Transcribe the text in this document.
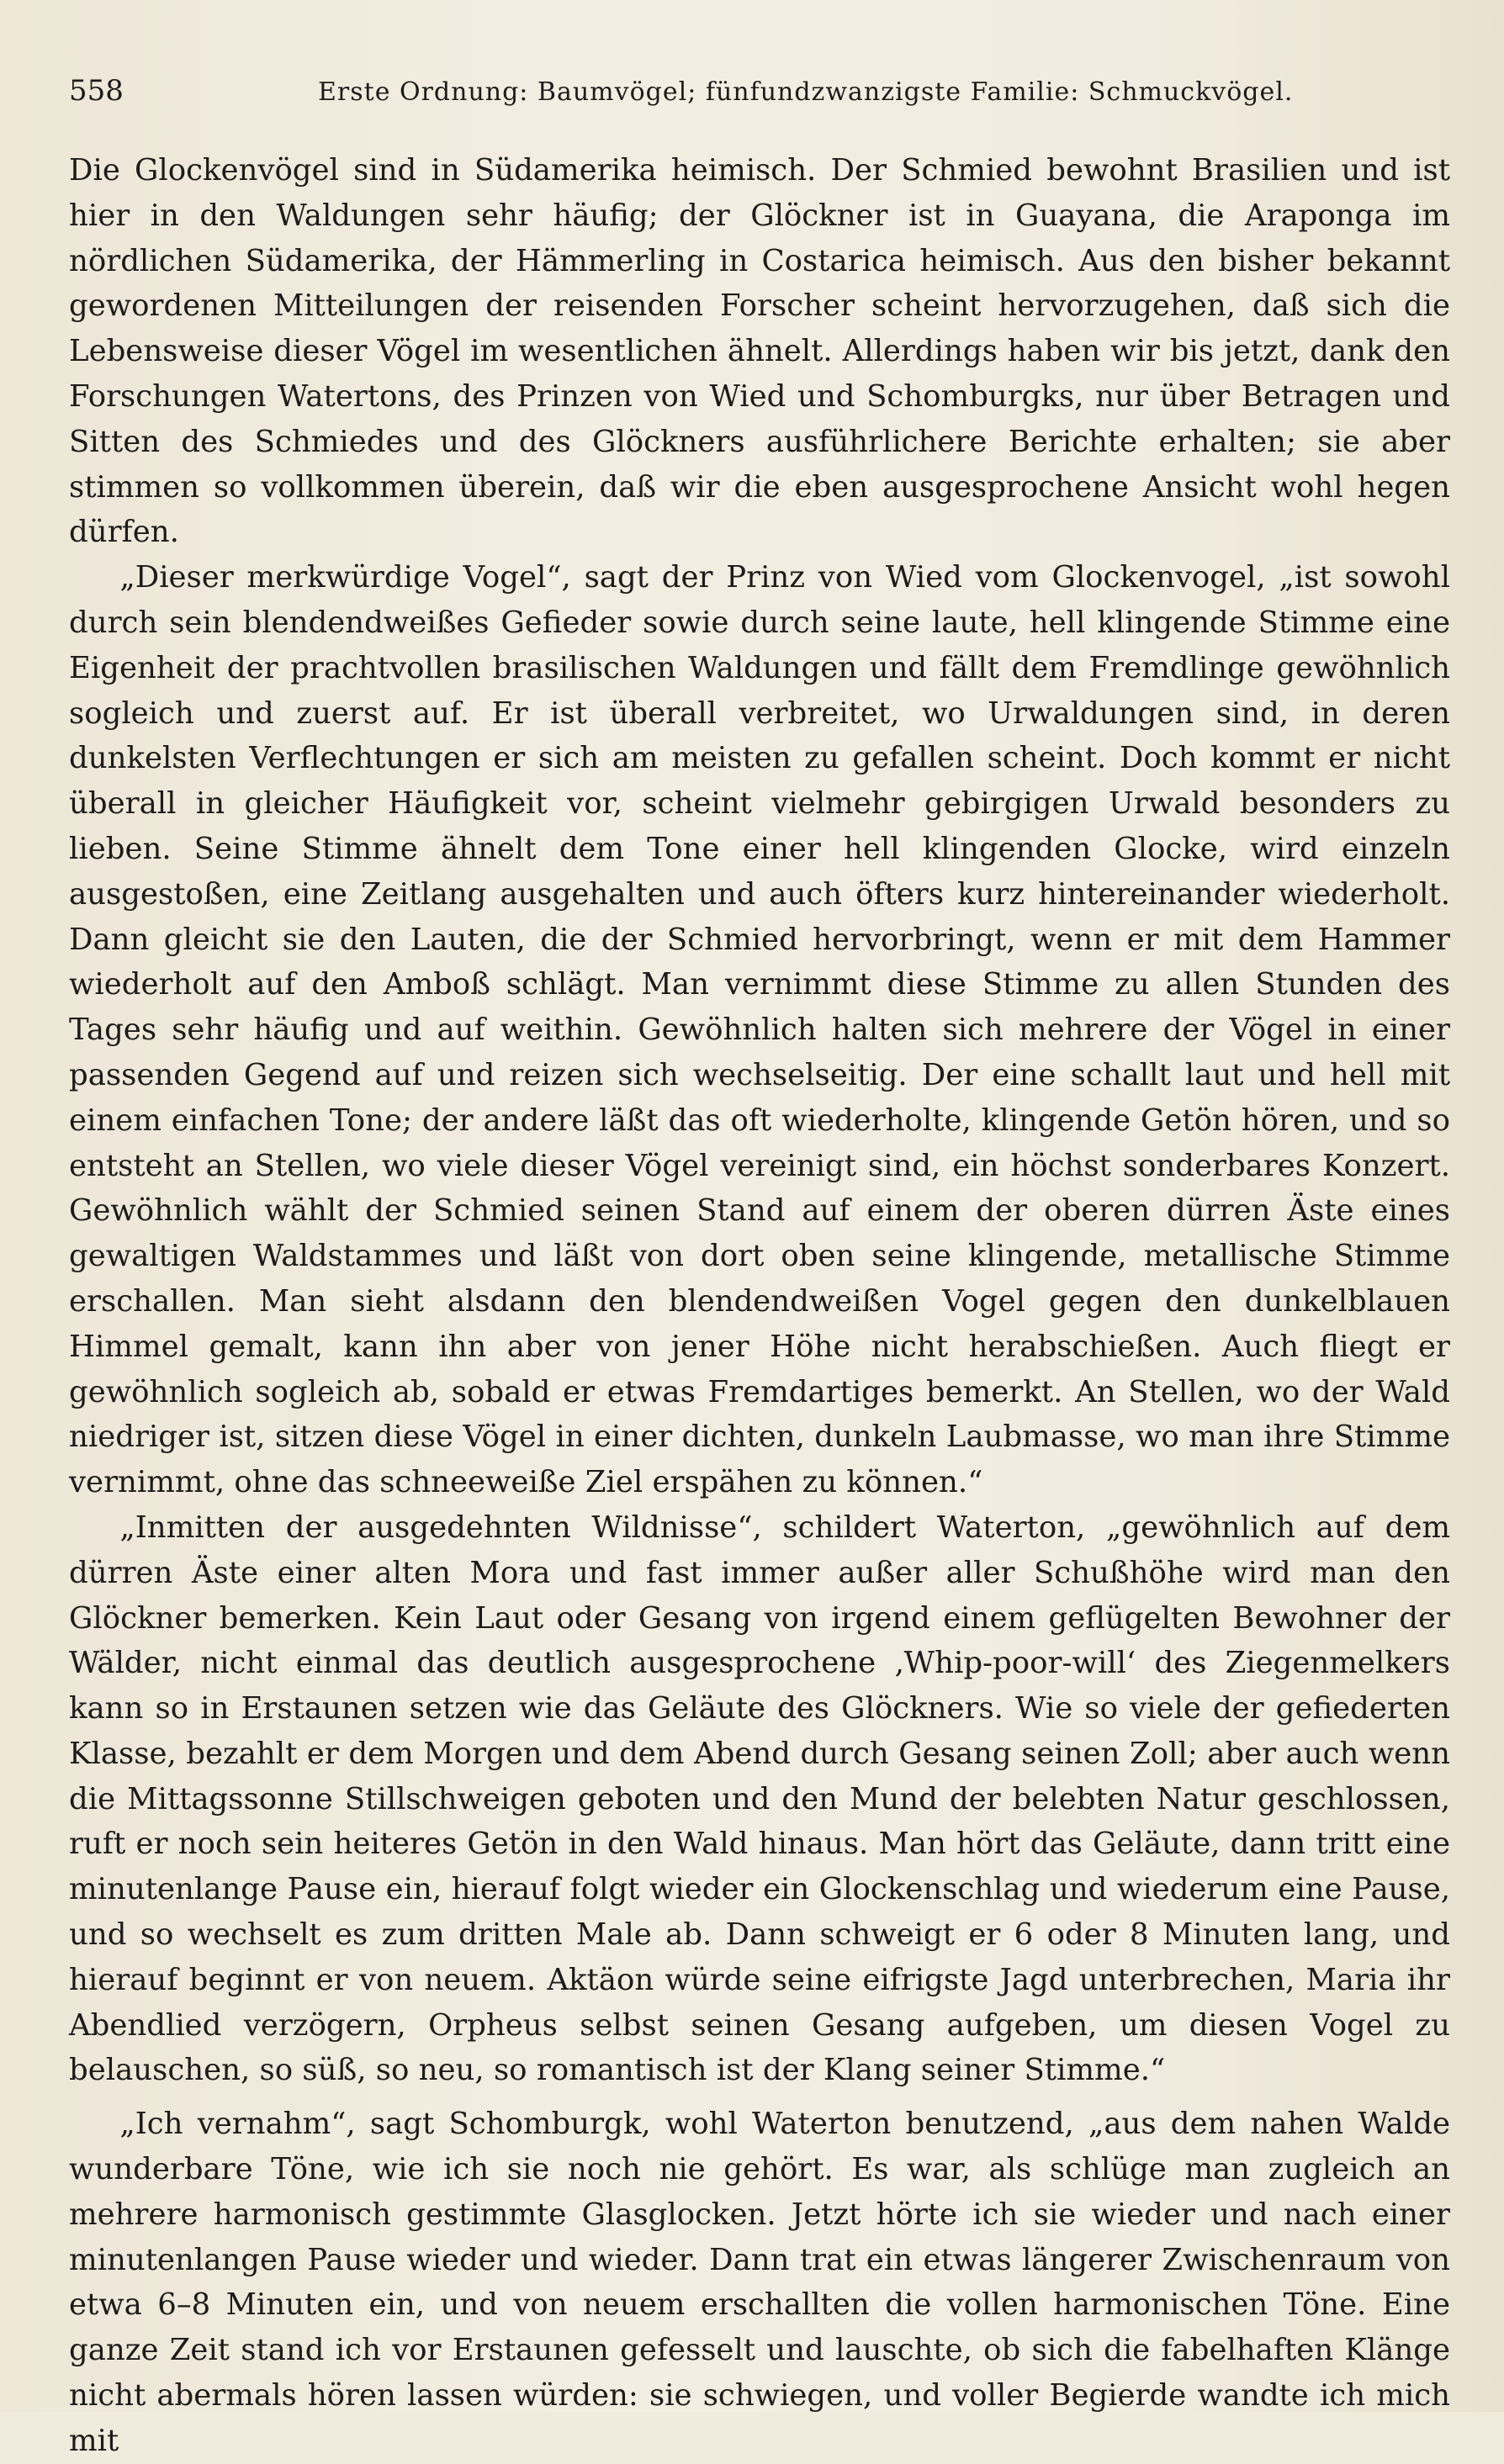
558	Erste Ordnung: Baumvögel; fünfundzwanzigste Familie: Schmuckvögel.

Die Glockenvögel sind in Südamerika heimisch. Der Schmied bewohnt Brasilien und ist hier in den Waldungen sehr häufig; der Glöckner ist in Guayana, die Araponga im nördlichen Südamerika, der Hämmerling in Costarica heimisch. Aus den bisher bekannt gewordenen Mitteilungen der reisenden Forscher scheint hervorzugehen, daß sich die Lebensweise dieser Vögel im wesentlichen ähnelt. Allerdings haben wir bis jetzt, dank den Forschungen Watertons, des Prinzen von Wied und Schomburgks, nur über Betragen und Sitten des Schmiedes und des Glöckners ausführlichere Berichte erhalten; sie aber stimmen so vollkommen überein, daß wir die eben ausgesprochene Ansicht wohl hegen dürfen.

„Dieser merkwürdige Vogel“, sagt der Prinz von Wied vom Glockenvogel, „ist sowohl durch sein blendendweißes Gefieder sowie durch seine laute, hell klingende Stimme eine Eigenheit der prachtvollen brasilischen Waldungen und fällt dem Fremdlinge gewöhnlich sogleich und zuerst auf. Er ist überall verbreitet, wo Urwaldungen sind, in deren dunkelsten Verflechtungen er sich am meisten zu gefallen scheint. Doch kommt er nicht überall in gleicher Häufigkeit vor, scheint vielmehr gebirgigen Urwald besonders zu lieben. Seine Stimme ähnelt dem Tone einer hell klingenden Glocke, wird einzeln ausgestoßen, eine Zeitlang ausgehalten und auch öfters kurz hintereinander wiederholt. Dann gleicht sie den Lauten, die der Schmied hervorbringt, wenn er mit dem Hammer wiederholt auf den Amboß schlägt. Man vernimmt diese Stimme zu allen Stunden des Tages sehr häufig und auf weithin. Gewöhnlich halten sich mehrere der Vögel in einer passenden Gegend auf und reizen sich wechselseitig. Der eine schallt laut und hell mit einem einfachen Tone; der andere läßt das oft wiederholte, klingende Getön hören, und so entsteht an Stellen, wo viele dieser Vögel vereinigt sind, ein höchst sonderbares Konzert. Gewöhnlich wählt der Schmied seinen Stand auf einem der oberen dürren Äste eines gewaltigen Waldstammes und läßt von dort oben seine klingende, metallische Stimme erschallen. Man sieht alsdann den blendendweißen Vogel gegen den dunkelblauen Himmel gemalt, kann ihn aber von jener Höhe nicht herabschießen. Auch fliegt er gewöhnlich sogleich ab, sobald er etwas Fremdartiges bemerkt. An Stellen, wo der Wald niedriger ist, sitzen diese Vögel in einer dichten, dunkeln Laubmasse, wo man ihre Stimme vernimmt, ohne das schneeweiße Ziel erspähen zu können.“

„Inmitten der ausgedehnten Wildnisse“, schildert Waterton, „gewöhnlich auf dem dürren Äste einer alten Mora und fast immer außer aller Schußhöhe wird man den Glöckner bemerken. Kein Laut oder Gesang von irgend einem geflügelten Bewohner der Wälder, nicht einmal das deutlich ausgesprochene ‚Whip-poor-will‘ des Ziegenmelkers kann so in Erstaunen setzen wie das Geläute des Glöckners. Wie so viele der gefiederten Klasse, bezahlt er dem Morgen und dem Abend durch Gesang seinen Zoll; aber auch wenn die Mittagssonne Stillschweigen geboten und den Mund der belebten Natur geschlossen, ruft er noch sein heiteres Getön in den Wald hinaus. Man hört das Geläute, dann tritt eine minutenlange Pause ein, hierauf folgt wieder ein Glockenschlag und wiederum eine Pause, und so wechselt es zum dritten Male ab. Dann schweigt er 6 oder 8 Minuten lang, und hierauf beginnt er von neuem. Aktäon würde seine eifrigste Jagd unterbrechen, Maria ihr Abendlied verzögern, Orpheus selbst seinen Gesang aufgeben, um diesen Vogel zu belauschen, so süß, so neu, so romantisch ist der Klang seiner Stimme.“

„Ich vernahm“, sagt Schomburgk, wohl Waterton benutzend, „aus dem nahen Walde wunderbare Töne, wie ich sie noch nie gehört. Es war, als schlüge man zugleich an mehrere harmonisch gestimmte Glasglocken. Jetzt hörte ich sie wieder und nach einer minutenlangen Pause wieder und wieder. Dann trat ein etwas längerer Zwischenraum von etwa 6–8 Minuten ein, und von neuem erschallten die vollen harmonischen Töne. Eine ganze Zeit stand ich vor Erstaunen gefesselt und lauschte, ob sich die fabelhaften Klänge nicht abermals hören lassen würden: sie schwiegen, und voller Begierde wandte ich mich mit
